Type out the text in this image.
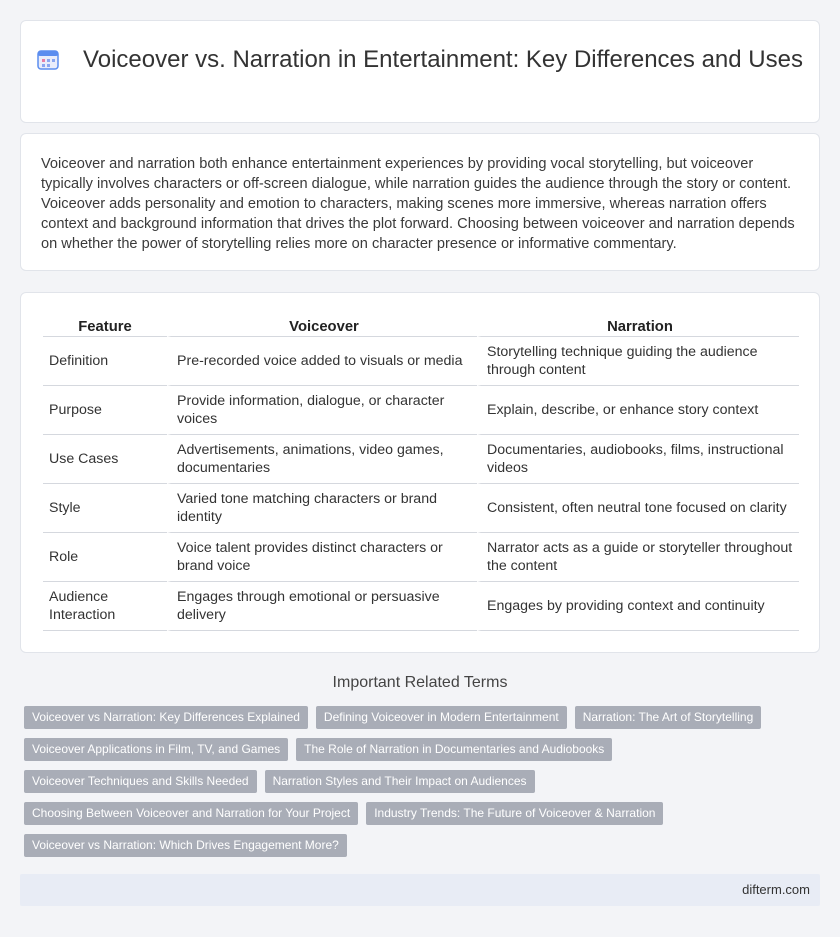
Voiceover vs. Narration in Entertainment: Key Differences and Uses

Voiceover and narration both enhance entertainment experiences by providing vocal storytelling, but voiceover typically involves characters or off-screen dialogue, while narration guides the audience through the story or content. Voiceover adds personality and emotion to characters, making scenes more immersive, whereas narration offers context and background information that drives the plot forward. Choosing between voiceover and narration depends on whether the power of storytelling relies more on character presence or informative commentary.

Feature	Voiceover	Narration
Definition	Pre-recorded voice added to visuals or media	Storytelling technique guiding the audience through content
Purpose	Provide information, dialogue, or character voices	Explain, describe, or enhance story context
Use Cases	Advertisements, animations, video games, documentaries	Documentaries, audiobooks, films, instructional videos
Style	Varied tone matching characters or brand identity	Consistent, often neutral tone focused on clarity
Role	Voice talent provides distinct characters or brand voice	Narrator acts as a guide or storyteller throughout the content
Audience Interaction	Engages through emotional or persuasive delivery	Engages by providing context and continuity
Important Related Terms
Voiceover vs Narration: Key Differences Explained	Defining Voiceover in Modern Entertainment	Narration: The Art of Storytelling
Voiceover Applications in Film, TV, and Games	The Role of Narration in Documentaries and Audiobooks
Voiceover Techniques and Skills Needed	Narration Styles and Their Impact on Audiences
Choosing Between Voiceover and Narration for Your Project	Industry Trends: The Future of Voiceover & Narration
Voiceover vs Narration: Which Drives Engagement More?
difterm.com
